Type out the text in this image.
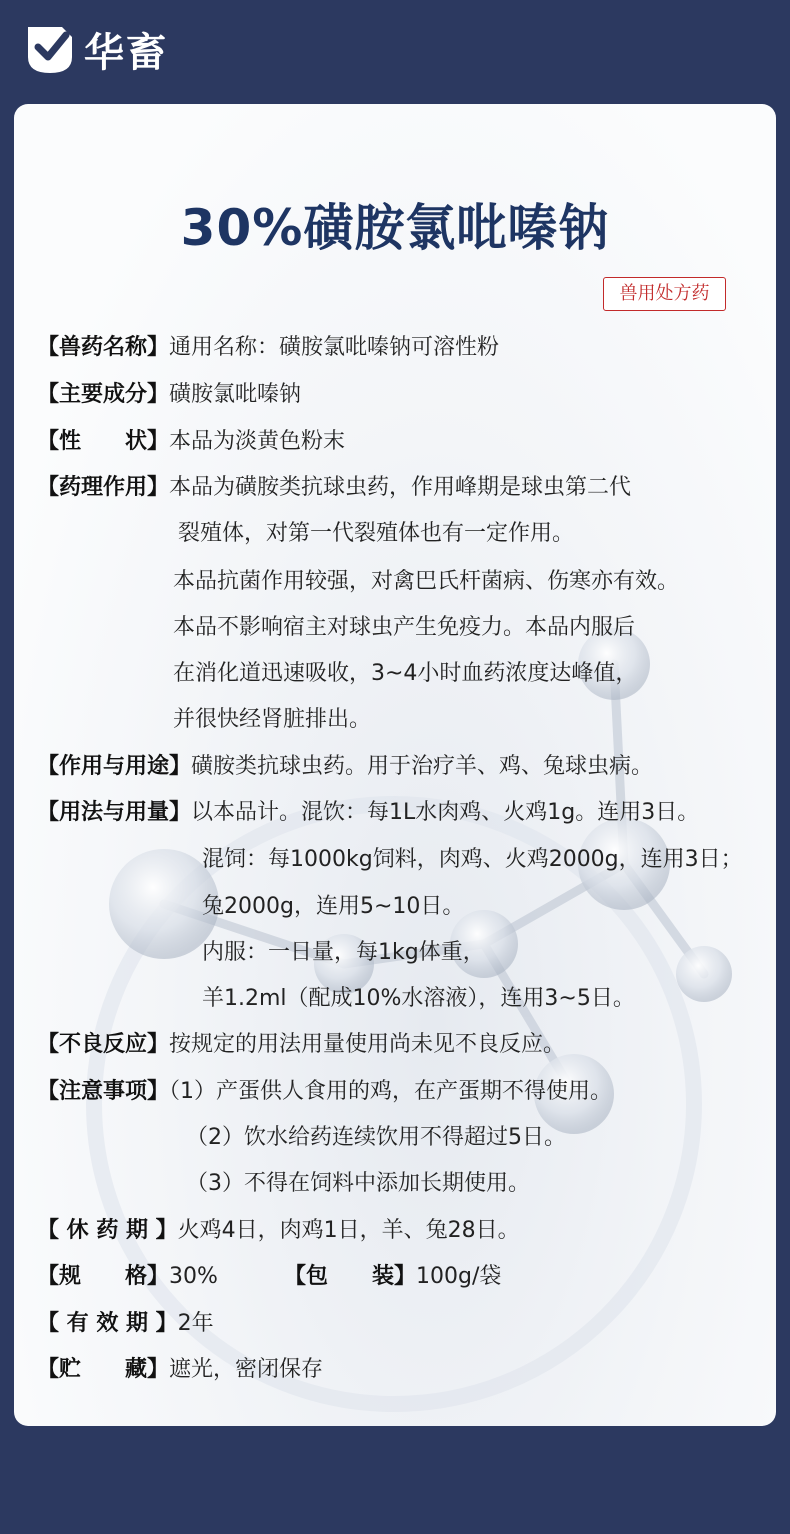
华畜
30%磺胺氯吡嗪钠
兽用处方药
【兽药名称】通用名称：磺胺氯吡嗪钠可溶性粉
【主要成分】磺胺氯吡嗪钠
【性　　状】本品为淡黄色粉末
【药理作用】本品为磺胺类抗球虫药，作用峰期是球虫第二代
裂殖体，对第一代裂殖体也有一定作用。
本品抗菌作用较强，对禽巴氏杆菌病、伤寒亦有效。
本品不影响宿主对球虫产生免疫力。本品内服后
在消化道迅速吸收，3~4小时血药浓度达峰值，
并很快经肾脏排出。
【作用与用途】磺胺类抗球虫药。用于治疗羊、鸡、兔球虫病。
【用法与用量】以本品计。混饮：每1L水肉鸡、火鸡1g。连用3日。
混饲：每1000kg饲料，肉鸡、火鸡2000g，连用3日；
兔2000g，连用5~10日。
内服：一日量，每1kg体重，
羊1.2ml（配成10%水溶液），连用3~5日。
【不良反应】按规定的用法用量使用尚未见不良反应。
【注意事项】（1）产蛋供人食用的鸡，在产蛋期不得使用。
（2）饮水给药连续饮用不得超过5日。
（3）不得在饲料中添加长期使用。
【 休 药 期 】火鸡4日，肉鸡1日，羊、兔28日。
【规　　格】30%	【包　　装】100g/袋
【 有 效 期 】2年
【贮　　藏】遮光，密闭保存
